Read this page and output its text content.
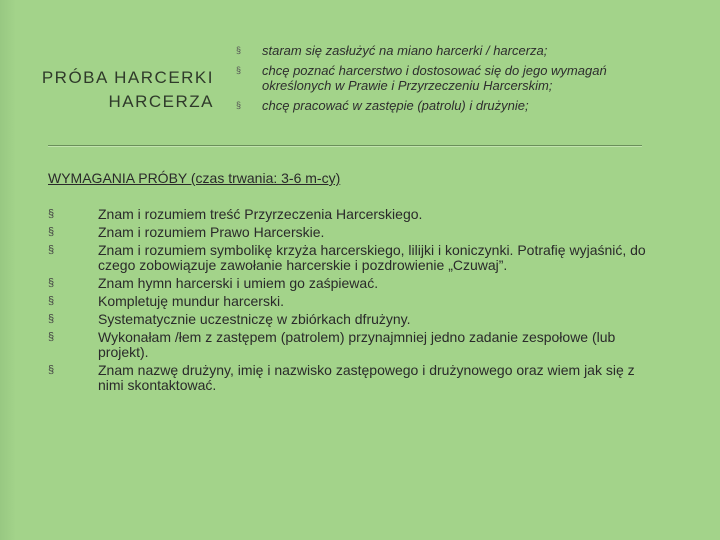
PRÓBA HARCERKI
HARCERZA
§ staram się zasłużyć na miano harcerki / harcerza;
§ chcę poznać harcerstwo i dostosować się do jego wymagań określonych w Prawie i Przyrzeczeniu Harcerskim;
§ chcę pracować w zastępie (patrolu) i drużynie;
WYMAGANIA PRÓBY (czas trwania: 3-6 m-cy)
§	Znam i rozumiem treść Przyrzeczenia Harcerskiego.
§	Znam i rozumiem Prawo Harcerskie.
§	Znam i rozumiem symbolikę krzyża harcerskiego, lilijki i koniczynki. Potrafię wyjaśnić, do czego zobowiązuje zawołanie harcerskie i pozdrowienie „Czuwaj”.
§	Znam hymn harcerski i umiem go zaśpiewać.
§	Kompletuję mundur harcerski.
§	Systematycznie uczestniczę w zbiórkach dfrużyny.
§	Wykonałam /łem z zastępem (patrolem) przynajmniej jedno zadanie zespołowe (lub projekt).
§	Znam nazwę drużyny, imię i nazwisko zastępowego i drużynowego oraz wiem jak się z nimi skontaktować.
